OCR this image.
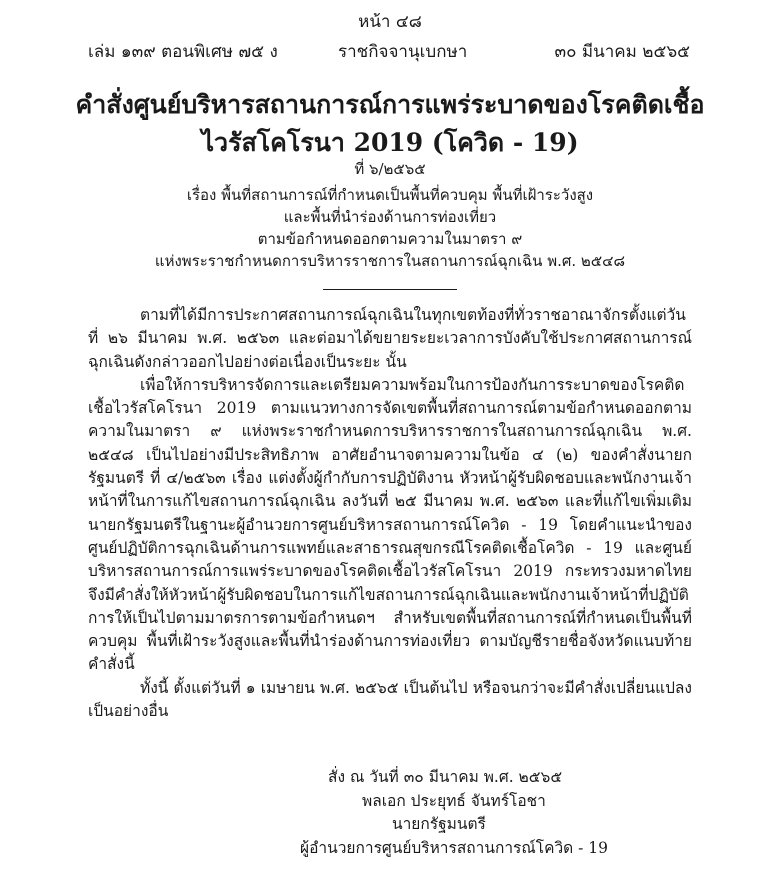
หน้า ๔๘
เล่ม ๑๓๙ ตอนพิเศษ ๗๕ ง	ราชกิจจานุเบกษา	๓๐ มีนาคม ๒๕๖๕
คำสั่งศูนย์บริหารสถานการณ์การแพร่ระบาดของโรคติดเชื้อ
ไวรัสโคโรนา 2019 (โควิด - 19)
ที่ ๖/๒๕๖๕
เรื่อง พื้นที่สถานการณ์ที่กำหนดเป็นพื้นที่ควบคุม พื้นที่เฝ้าระวังสูง
และพื้นที่นำร่องด้านการท่องเที่ยว
ตามข้อกำหนดออกตามความในมาตรา ๙
แห่งพระราชกำหนดการบริหารราชการในสถานการณ์ฉุกเฉิน พ.ศ. ๒๕๔๘

ตามที่ได้มีการประกาศสถานการณ์ฉุกเฉินในทุกเขตท้องที่ทั่วราชอาณาจักรตั้งแต่วันที่ ๒๖ มีนาคม พ.ศ. ๒๕๖๓ และต่อมาได้ขยายระยะเวลาการบังคับใช้ประกาศสถานการณ์ฉุกเฉินดังกล่าวออกไปอย่างต่อเนื่องเป็นระยะ นั้น

เพื่อให้การบริหารจัดการและเตรียมความพร้อมในการป้องกันการระบาดของโรคติดเชื้อไวรัสโคโรนา 2019 ตามแนวทางการจัดเขตพื้นที่สถานการณ์ตามข้อกำหนดออกตามความในมาตรา ๙ แห่งพระราชกำหนดการบริหารราชการในสถานการณ์ฉุกเฉิน พ.ศ. ๒๕๔๘ เป็นไปอย่างมีประสิทธิภาพ อาศัยอำนาจตามความในข้อ ๔ (๒) ของคำสั่งนายกรัฐมนตรี ที่ ๔/๒๕๖๓ เรื่อง แต่งตั้งผู้กำกับการปฏิบัติงาน หัวหน้าผู้รับผิดชอบและพนักงานเจ้าหน้าที่ในการแก้ไขสถานการณ์ฉุกเฉิน ลงวันที่ ๒๕ มีนาคม พ.ศ. ๒๕๖๓ และที่แก้ไขเพิ่มเติม นายกรัฐมนตรีในฐานะผู้อำนวยการศูนย์บริหารสถานการณ์โควิด - 19 โดยคำแนะนำของศูนย์ปฏิบัติการฉุกเฉินด้านการแพทย์และสาธารณสุขกรณีโรคติดเชื้อโควิด - 19 และศูนย์บริหารสถานการณ์การแพร่ระบาดของโรคติดเชื้อไวรัสโคโรนา 2019 กระทรวงมหาดไทย จึงมีคำสั่งให้หัวหน้าผู้รับผิดชอบในการแก้ไขสถานการณ์ฉุกเฉินและพนักงานเจ้าหน้าที่ปฏิบัติการให้เป็นไปตามมาตรการตามข้อกำหนดฯ สำหรับเขตพื้นที่สถานการณ์ที่กำหนดเป็นพื้นที่ควบคุม พื้นที่เฝ้าระวังสูงและพื้นที่นำร่องด้านการท่องเที่ยว ตามบัญชีรายชื่อจังหวัดแนบท้ายคำสั่งนี้

ทั้งนี้ ตั้งแต่วันที่ ๑ เมษายน พ.ศ. ๒๕๖๕ เป็นต้นไป หรือจนกว่าจะมีคำสั่งเปลี่ยนแปลงเป็นอย่างอื่น

สั่ง ณ วันที่ ๓๐ มีนาคม พ.ศ. ๒๕๖๕
พลเอก ประยุทธ์ จันทร์โอชา
นายกรัฐมนตรี
ผู้อำนวยการศูนย์บริหารสถานการณ์โควิด - 19
